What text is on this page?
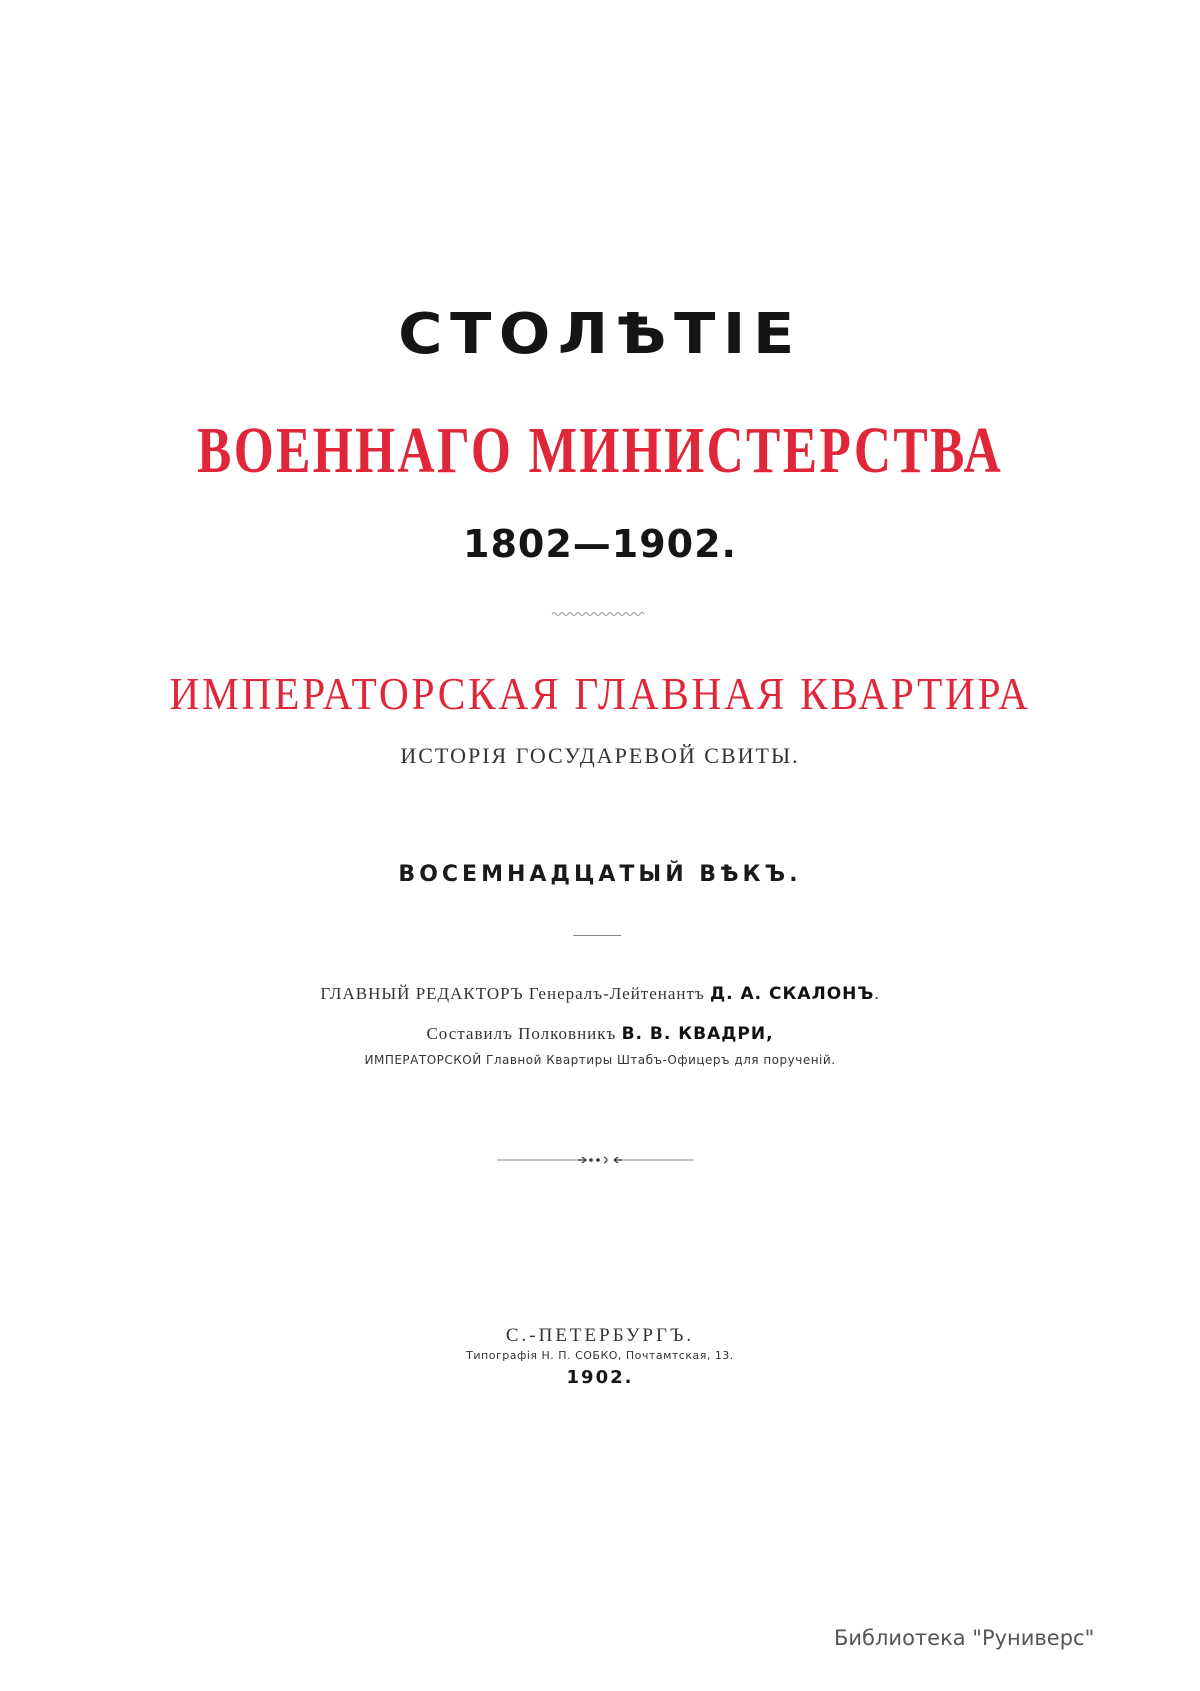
СТОЛѢТІЕ
ВОЕННАГО МИНИСТЕРСТВА
1802—1902.
ИМПЕРАТОРСКАЯ ГЛАВНАЯ КВАРТИРА
ИСТОРІЯ ГОСУДАРЕВОЙ СВИТЫ.
ВОСЕМНАДЦАТЫЙ ВѢКЪ.
ГЛАВНЫЙ РЕДАКТОРЪ Генералъ-Лейтенантъ Д. А. СКАЛОНЪ.
Составилъ Полковникъ В. В. КВАДРИ,
ИМПЕРАТОРСКОЙ Главной Квартиры Штабъ-Офицеръ для порученій.
С.-ПЕТЕРБУРГЪ.
Типографія Н. П. СОБКО, Почтамтская, 13.
1902.
Библиотека "Руниверс"
